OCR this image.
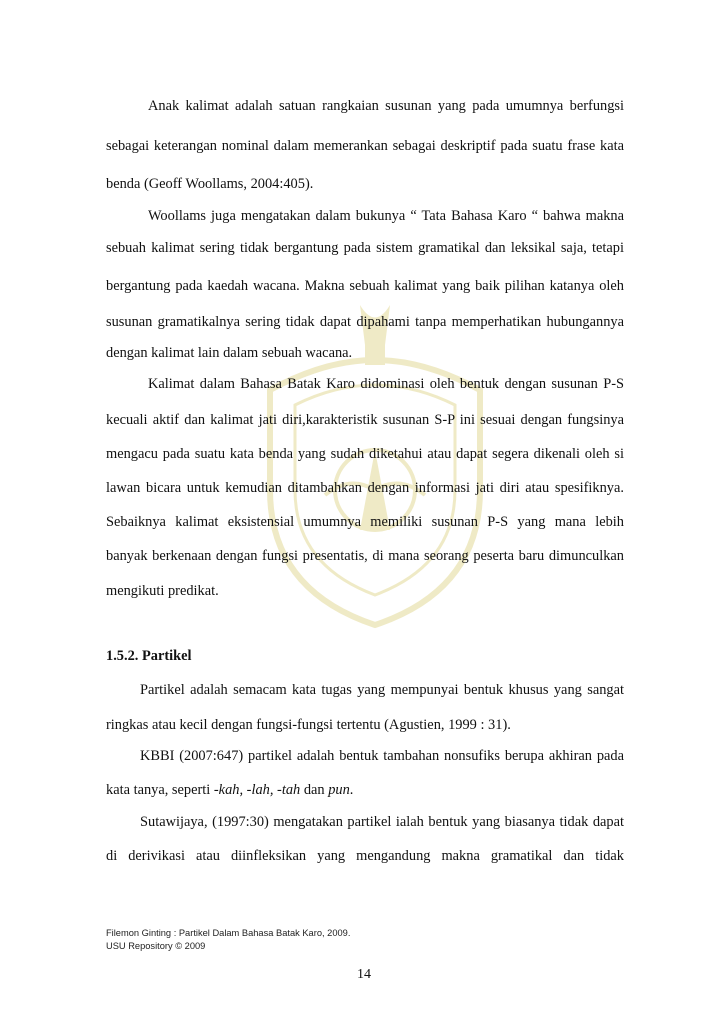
Anak kalimat adalah satuan rangkaian susunan yang pada umumnya berfungsi
sebagai keterangan nominal dalam memerankan sebagai deskriptif pada suatu frase kata
benda (Geoff Woollams, 2004:405).
Woollams juga mengatakan dalam bukunya “ Tata Bahasa Karo “ bahwa makna
sebuah kalimat sering tidak bergantung pada sistem gramatikal dan leksikal saja, tetapi
bergantung pada kaedah wacana. Makna sebuah kalimat yang baik pilihan katanya oleh
susunan gramatikalnya sering tidak dapat dipahami tanpa memperhatikan hubungannya
dengan kalimat lain dalam sebuah wacana.
Kalimat dalam Bahasa Batak Karo didominasi oleh bentuk dengan susunan P-S
kecuali aktif dan kalimat jati diri,karakteristik susunan S-P ini sesuai dengan fungsinya
mengacu pada suatu kata benda yang sudah diketahui atau dapat segera dikenali oleh si
lawan bicara untuk kemudian ditambahkan dengan informasi jati diri atau spesifiknya.
Sebaiknya kalimat eksistensial umumnya memiliki susunan P-S yang mana lebih
banyak berkenaan dengan fungsi presentatis, di mana seorang peserta baru dimunculkan
mengikuti predikat.
1.5.2. Partikel
Partikel adalah semacam kata tugas yang mempunyai bentuk khusus yang sangat
ringkas atau kecil dengan fungsi-fungsi tertentu (Agustien, 1999 : 31).
KBBI (2007:647) partikel adalah bentuk tambahan nonsufiks berupa akhiran pada
kata tanya, seperti -kah, -lah, -tah dan pun.
Sutawijaya, (1997:30) mengatakan partikel ialah bentuk yang biasanya tidak dapat
di derivikasi atau diinfleksikan yang mengandung makna gramatikal dan tidak
Filemon Ginting : Partikel Dalam Bahasa Batak Karo, 2009.
USU Repository © 2009
14
